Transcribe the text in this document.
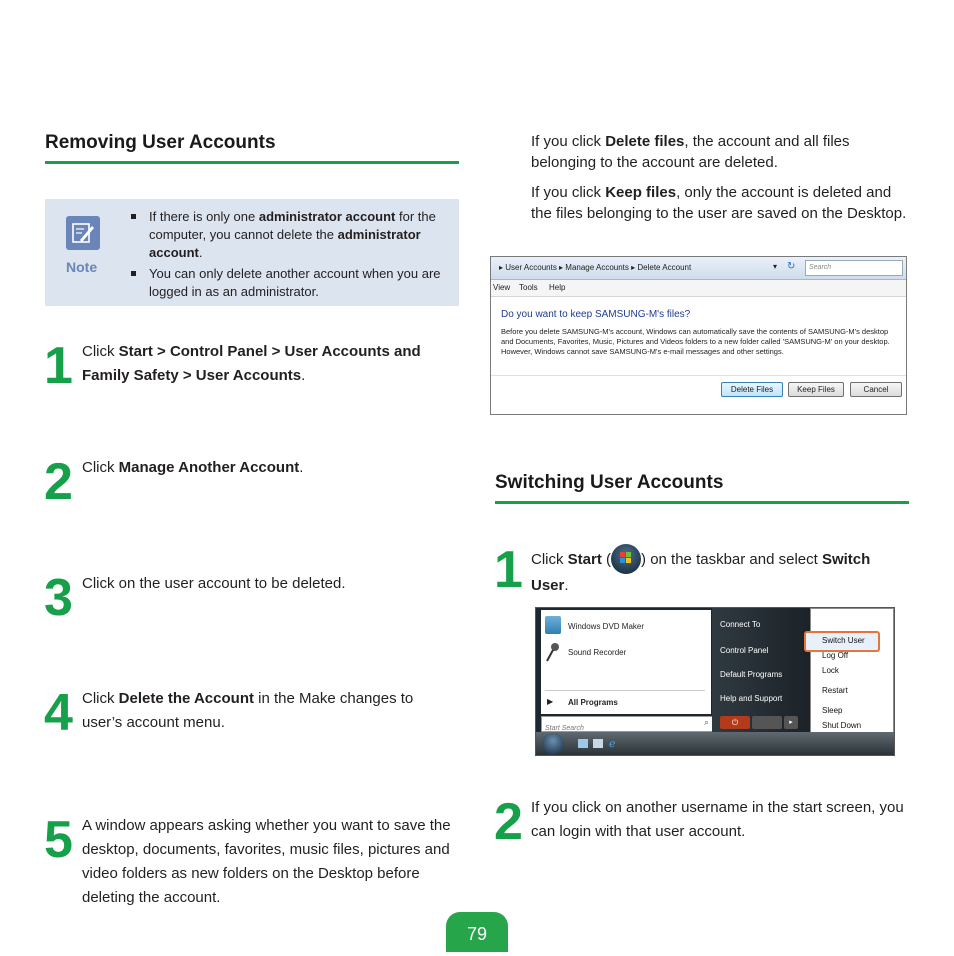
Removing User Accounts
Note
If there is only one administrator account for the computer, you cannot delete the administrator account.
You can only delete another account when you are logged in as an administrator.
1 Click Start > Control Panel > User Accounts and Family Safety > User Accounts.
2 Click Manage Another Account.
3 Click on the user account to be deleted.
4 Click Delete the Account in the Make changes to user’s account menu.
5 A window appears asking whether you want to save the desktop, documents, favorites, music files, pictures and video folders as new folders on the Desktop before deleting the account.
If you click Delete files, the account and all files belonging to the account are deleted.
If you click Keep files, only the account is deleted and the files belonging to the user are saved on the Desktop.
▸ User Accounts ▸ Manage Accounts ▸ Delete Account	▾ ↻	Search
View Tools Help
Do you want to keep SAMSUNG-M's files?
Before you delete SAMSUNG-M's account, Windows can automatically save the contents of SAMSUNG-M's desktop and Documents, Favorites, Music, Pictures and Videos folders to a new folder called 'SAMSUNG-M' on your desktop. However, Windows cannot save SAMSUNG-M's e-mail messages and other settings.
Delete Files	Keep Files	Cancel
Switching User Accounts
1 Click Start ( ) on the taskbar and select Switch User.
Windows DVD Maker
Sound Recorder
▶ All Programs
Start Search
⌕
Connect To
Control Panel
Default Programs
Help and Support
⏻	▸
Switch User
Log Off
Lock
Restart
Sleep
Shut Down
ℯ
2 If you click on another username in the start screen, you can login with that user account.
79
